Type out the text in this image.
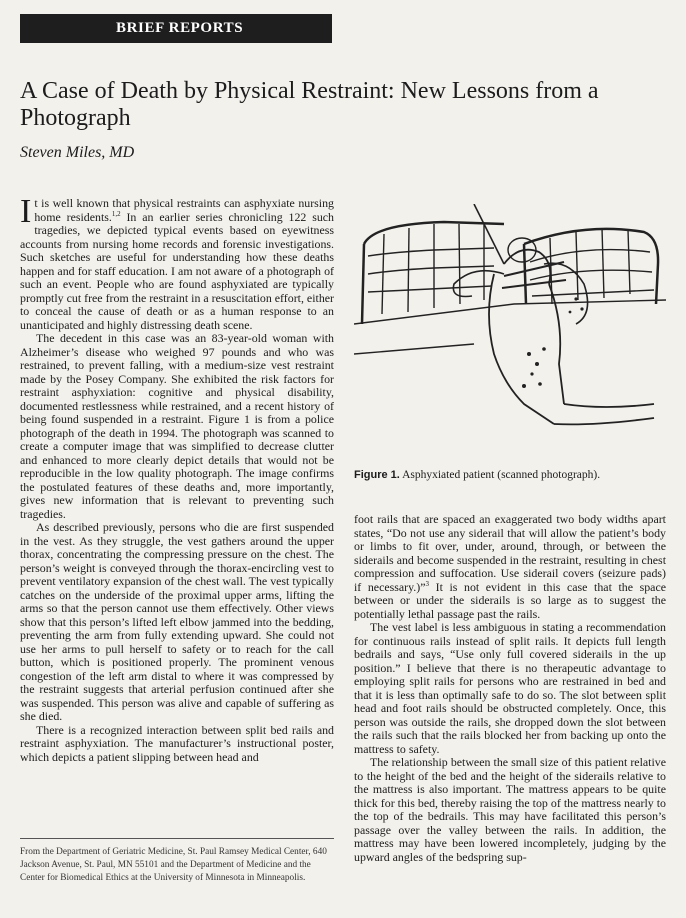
BRIEF REPORTS
A Case of Death by Physical Restraint: New Lessons from a Photograph
Steven Miles, MD

It is well known that physical restraints can asphyxiate nursing home residents.$^{1,2}$ In an earlier series chronicling 122 such tragedies, we depicted typical events based on eyewitness accounts from nursing home records and forensic investigations. Such sketches are useful for understanding how these deaths happen and for staff education. I am not aware of a photograph of such an event. People who are found asphyxiated are typically promptly cut free from the restraint in a resuscitation effort, either to conceal the cause of death or as a human response to an unanticipated and highly distressing death scene.

The decedent in this case was an 83-year-old woman with Alzheimer’s disease who weighed 97 pounds and who was restrained, to prevent falling, with a medium-size vest restraint made by the Posey Company. She exhibited the risk factors for restraint asphyxiation: cognitive and physical disability, documented restlessness while restrained, and a recent history of being found suspended in a restraint. Figure 1 is from a police photograph of the death in 1994. The photograph was scanned to create a computer image that was simplified to decrease clutter and enhanced to more clearly depict details that would not be reproducible in the low quality photograph. The image confirms the postulated features of these deaths and, more importantly, gives new information that is relevant to preventing such tragedies.

As described previously, persons who die are first suspended in the vest. As they struggle, the vest gathers around the upper thorax, concentrating the compressing pressure on the chest. The person’s weight is conveyed through the thorax-encircling vest to prevent ventilatory expansion of the chest wall. The vest typically catches on the underside of the proximal upper arms, lifting the arms so that the person cannot use them effectively. Other views show that this person’s lifted left elbow jammed into the bedding, preventing the arm from fully extending upward. She could not use her arms to pull herself to safety or to reach for the call button, which is positioned properly. The prominent venous congestion of the left arm distal to where it was compressed by the restraint suggests that arterial perfusion continued after she was suspended. This person was alive and capable of suffering as she died.

There is a recognized interaction between split bed rails and restraint asphyxiation. The manufacturer’s instructional poster, which depicts a patient slipping between head and

Figure 1. Asphyxiated patient (scanned photograph).

foot rails that are spaced an exaggerated two body widths apart states, “Do not use any siderail that will allow the patient’s body or limbs to fit over, under, around, through, or between the siderails and become suspended in the restraint, resulting in chest compression and suffocation. Use siderail covers (seizure pads) if necessary.)”$^3$ It is not evident in this case that the space between or under the siderails is so large as to suggest the potentially lethal passage past the rails.

The vest label is less ambiguous in stating a recommendation for continuous rails instead of split rails. It depicts full length bedrails and says, “Use only full covered siderails in the up position.” I believe that there is no therapeutic advantage to employing split rails for persons who are restrained in bed and that it is less than optimally safe to do so. The slot between split head and foot rails should be obstructed completely. Once, this person was outside the rails, she dropped down the slot between the rails such that the rails blocked her from backing up onto the mattress to safety.

The relationship between the small size of this patient relative to the height of the bed and the height of the siderails relative to the mattress is also important. The mattress appears to be quite thick for this bed, thereby raising the top of the mattress nearly to the top of the bedrails. This may have facilitated this person’s passage over the valley between the rails. In addition, the mattress may have been lowered incompletely, judging by the upward angles of the bedspring sup-

From the Department of Geriatric Medicine, St. Paul Ramsey Medical Center, 640 Jackson Avenue, St. Paul, MN 55101 and the Department of Medicine and the Center for Biomedical Ethics at the University of Minnesota in Minneapolis.
